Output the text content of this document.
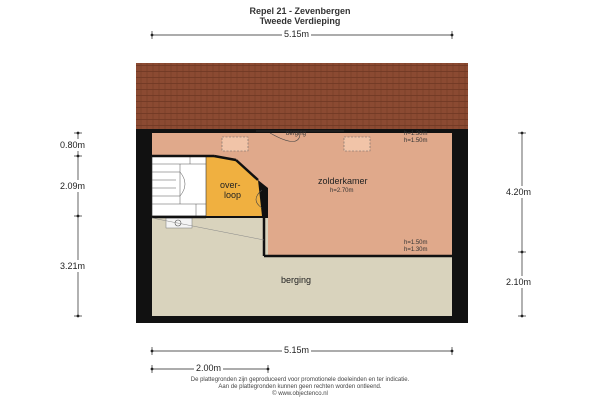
Repel 21 - Zevenbergen
Tweede Verdieping
5.15m
5.15m
2.00m
0.80m
2.09m
3.21m
4.20m
2.10m
zolderkamer
h=2.70m
over-
loop
berging
berging	h=1.30m
h=1.50m
h=1.50m
h=1.30m
De plattegronden zijn geproduceerd voor promotionele doeleinden en ter indicatie.
Aan de plattegronden kunnen geen rechten worden ontleend.
© www.objectenco.nl
